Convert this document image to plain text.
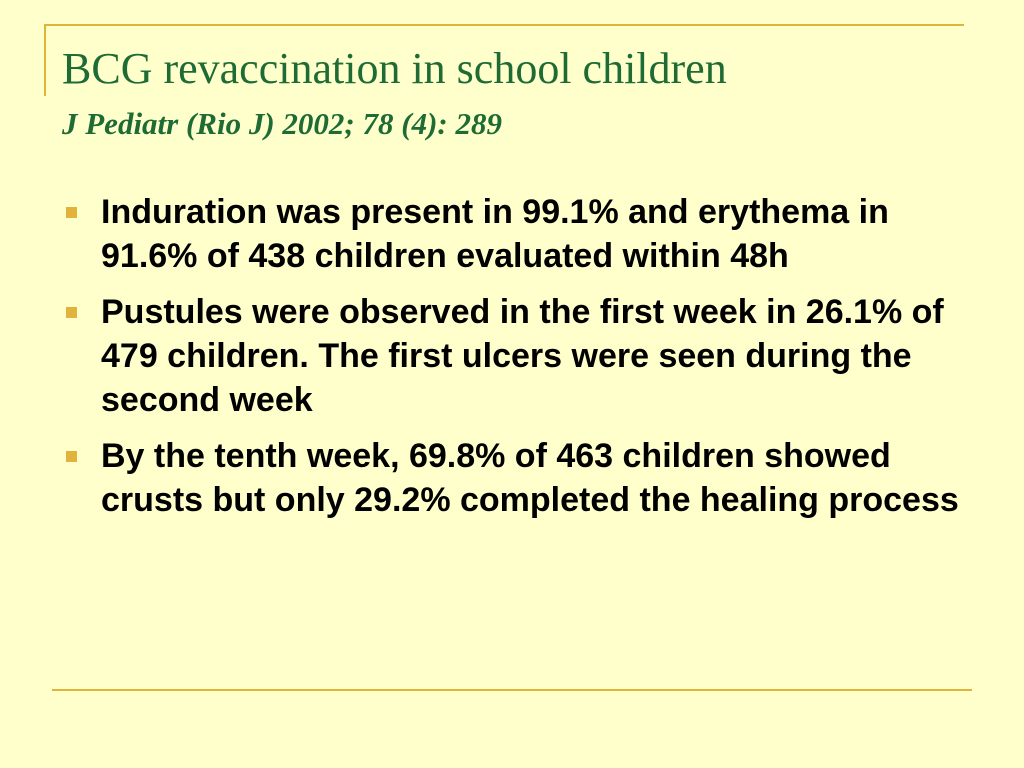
BCG revaccination in school children
J Pediatr (Rio J) 2002; 78 (4): 289
Induration was present in 99.1% and erythema in 91.6% of 438 children evaluated within 48h
Pustules were observed in the first week in 26.1% of 479 children. The first ulcers were seen during the second week
By the tenth week, 69.8% of 463 children showed crusts but only 29.2% completed the healing process
